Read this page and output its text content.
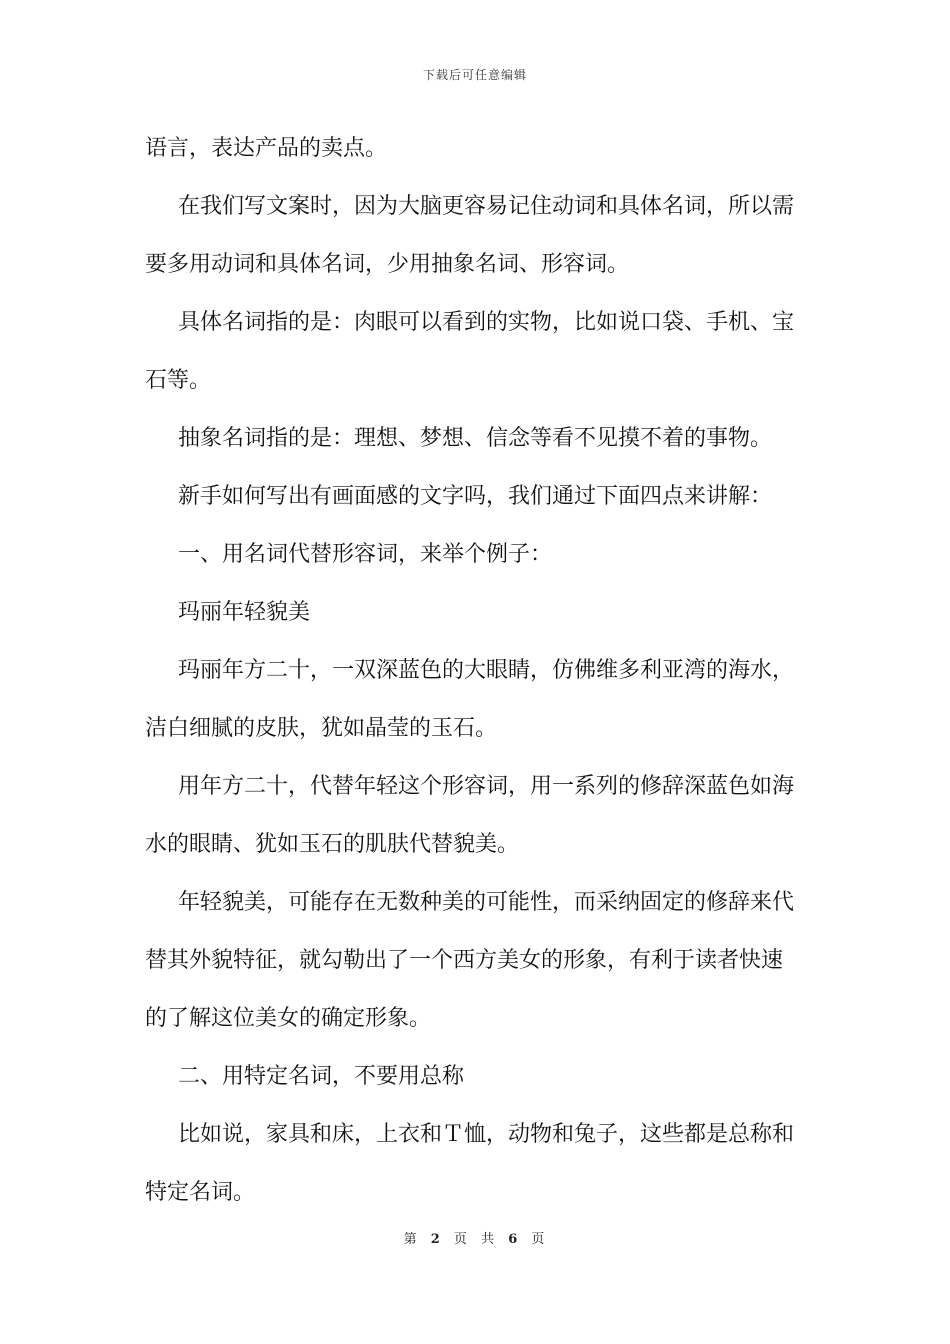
下载后可任意编辑
语言，表达产品的卖点。
在我们写文案时，因为大脑更容易记住动词和具体名词，所以需
要多用动词和具体名词，少用抽象名词、形容词。
具体名词指的是：肉眼可以看到的实物，比如说口袋、手机、宝
石等。
抽象名词指的是：理想、梦想、信念等看不见摸不着的事物。
新手如何写出有画面感的文字吗，我们通过下面四点来讲解：
一、用名词代替形容词，来举个例子：
玛丽年轻貌美
玛丽年方二十，一双深蓝色的大眼睛，仿佛维多利亚湾的海水，
洁白细腻的皮肤，犹如晶莹的玉石。
用年方二十，代替年轻这个形容词，用一系列的修辞深蓝色如海
水的眼睛、犹如玉石的肌肤代替貌美。
年轻貌美，可能存在无数种美的可能性，而采纳固定的修辞来代
替其外貌特征，就勾勒出了一个西方美女的形象，有利于读者快速
的了解这位美女的确定形象。
二、用特定名词，不要用总称
比如说，家具和床，上衣和Ｔ恤，动物和兔子，这些都是总称和
特定名词。
第 2 页 共 6 页
